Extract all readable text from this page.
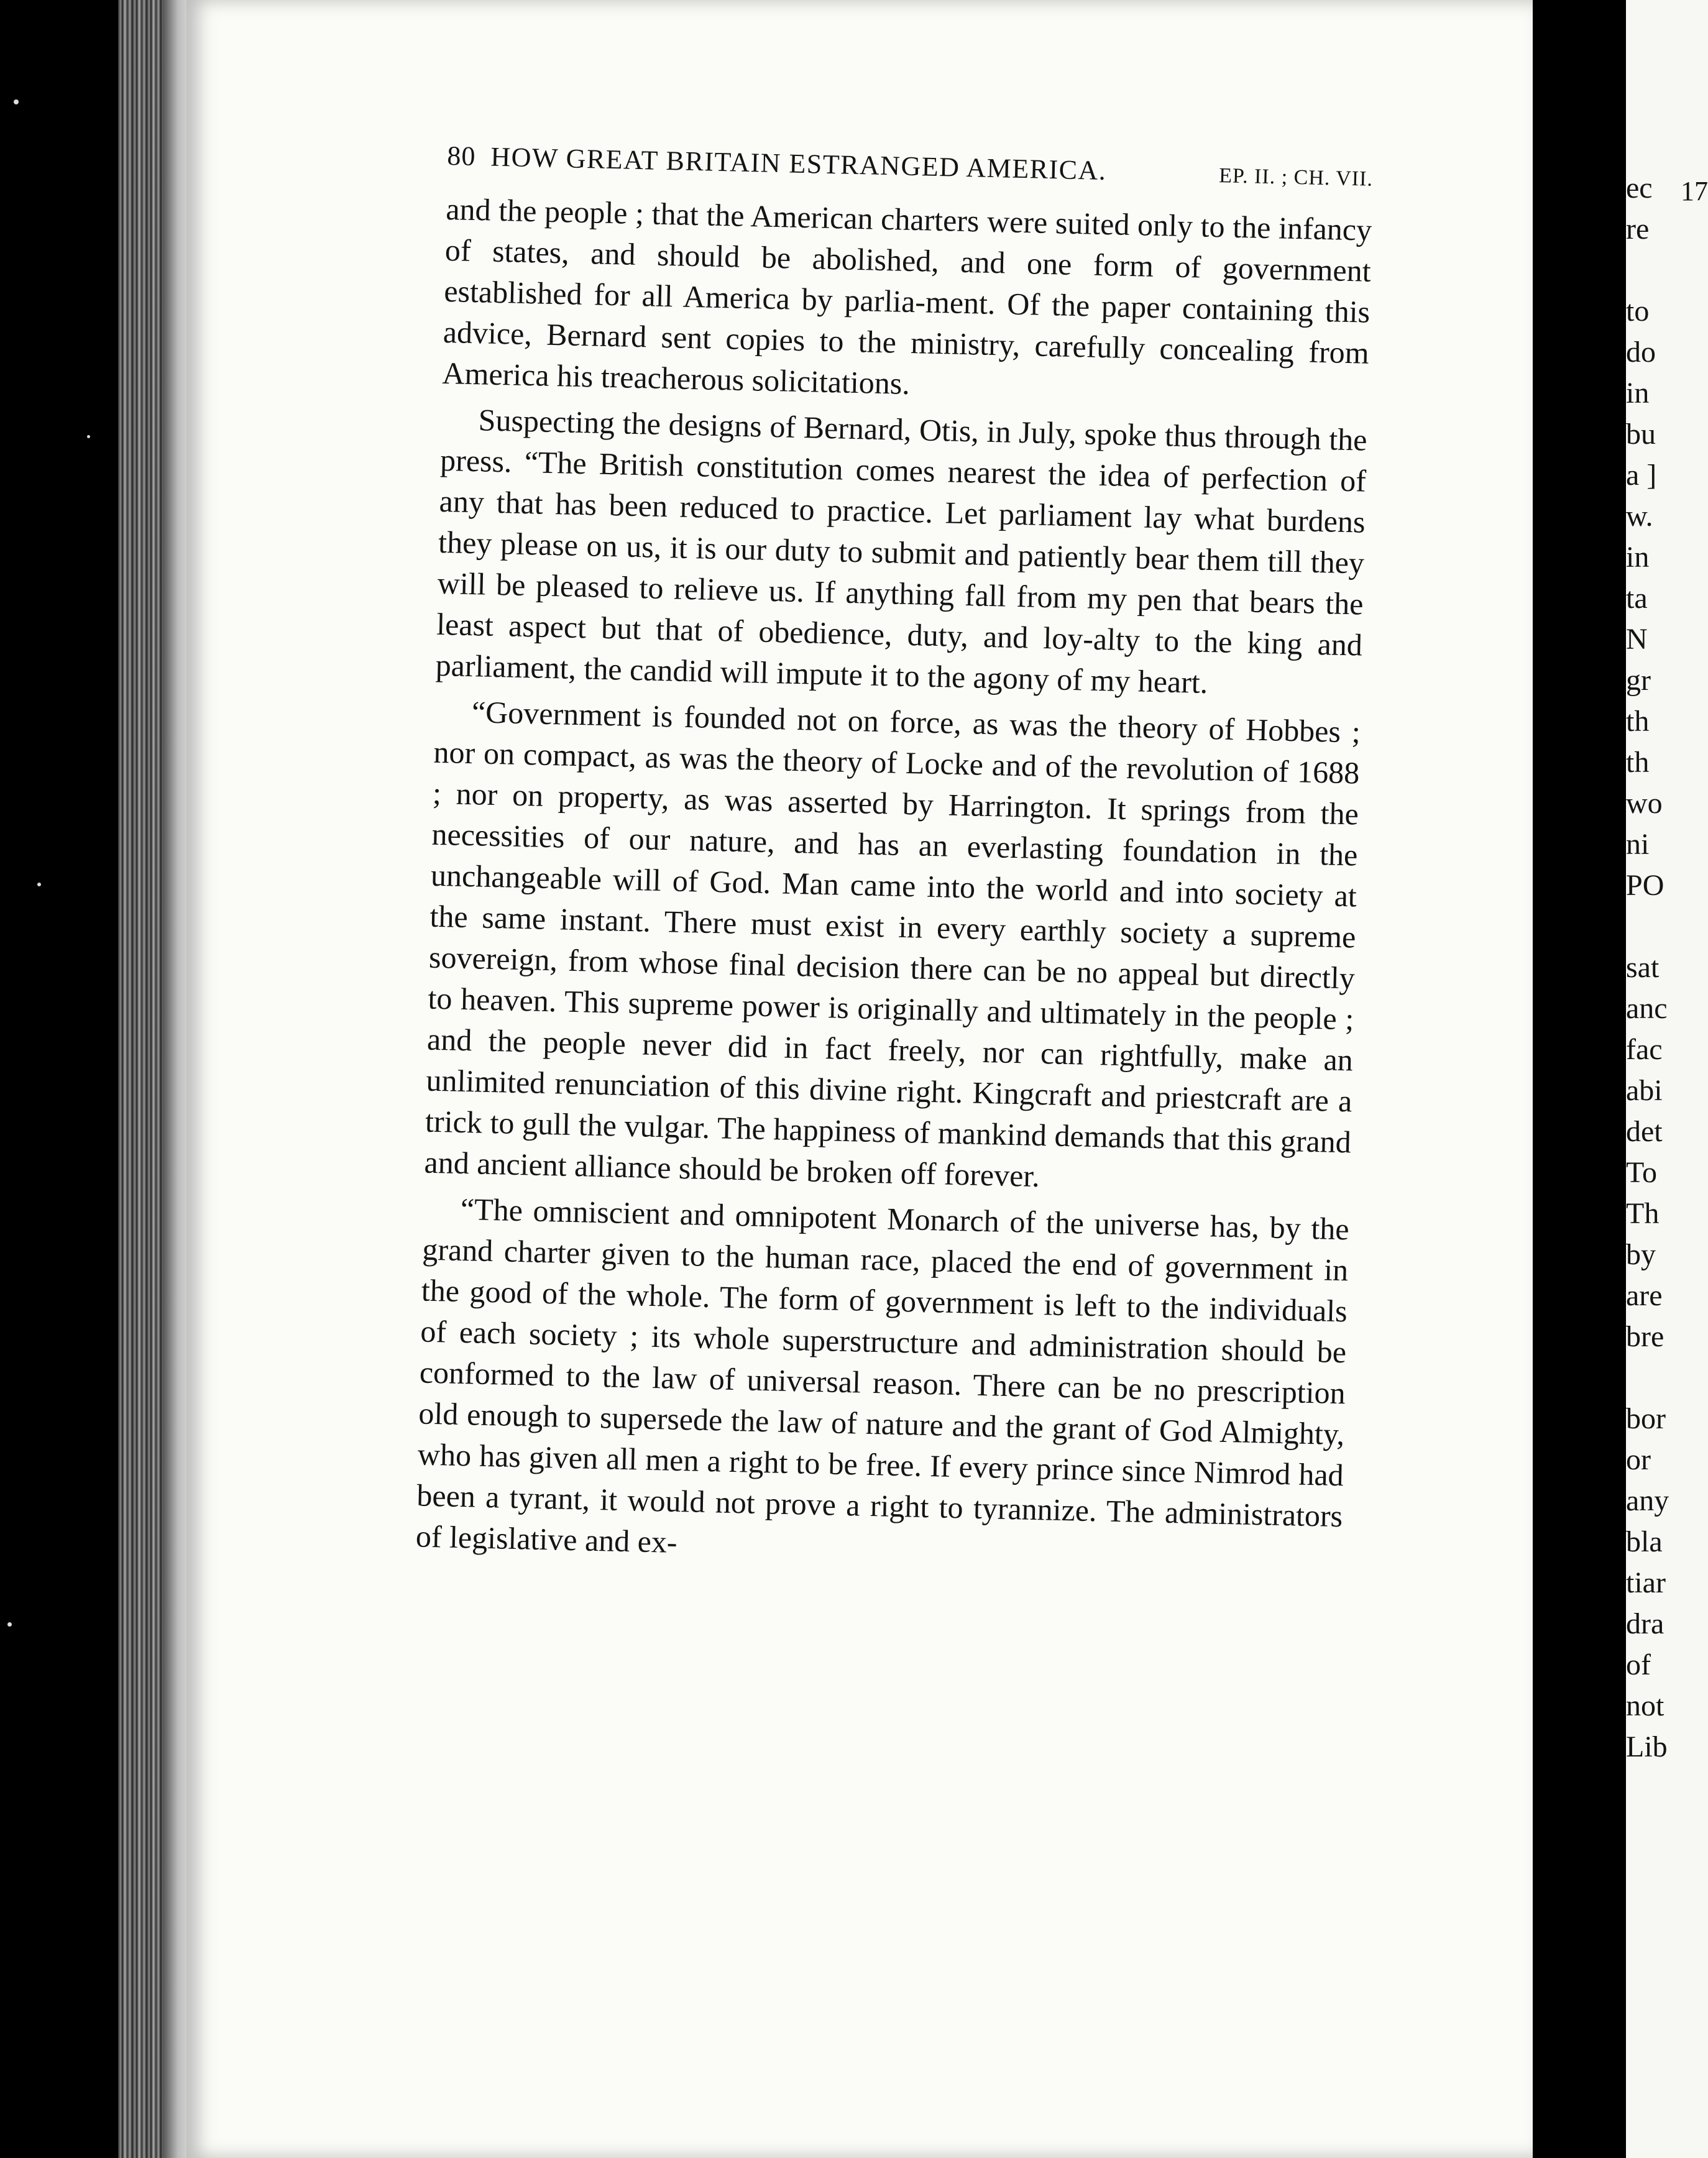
17
ec
re
to
do
in
bu
a ]
w.
in
ta
N
gr
th
th
wo
ni
PO
sat
anc
fac
abi
det
To
Th
by
are
bre
bor
or
any
bla
tiar
dra
of
not
Lib
80 HOW GREAT BRITAIN ESTRANGED AMERICA.	EP. II. ; CH. VII.

and the people ; that the American charters were suited only to the infancy of states, and should be abolished, and one form of government established for all America by parlia-ment. Of the paper containing this advice, Bernard sent copies to the ministry, carefully concealing from America his treacherous solicitations.

Suspecting the designs of Bernard, Otis, in July, spoke thus through the press. “The British constitution comes nearest the idea of perfection of any that has been reduced to practice. Let parliament lay what burdens they please on us, it is our duty to submit and patiently bear them till they will be pleased to relieve us. If anything fall from my pen that bears the least aspect but that of obedience, duty, and loy-alty to the king and parliament, the candid will impute it to the agony of my heart.

“Government is founded not on force, as was the theory of Hobbes ; nor on compact, as was the theory of Locke and of the revolution of 1688 ; nor on property, as was asserted by Harrington. It springs from the necessities of our nature, and has an everlasting foundation in the unchangeable will of God. Man came into the world and into society at the same instant. There must exist in every earthly society a supreme sovereign, from whose final decision there can be no appeal but directly to heaven. This supreme power is originally and ultimately in the people ; and the people never did in fact freely, nor can rightfully, make an unlimited renunciation of this divine right. Kingcraft and priestcraft are a trick to gull the vulgar. The happiness of mankind demands that this grand and ancient alliance should be broken off forever.

“The omniscient and omnipotent Monarch of the universe has, by the grand charter given to the human race, placed the end of government in the good of the whole. The form of government is left to the individuals of each society ; its whole superstructure and administration should be conformed to the law of universal reason. There can be no prescription old enough to supersede the law of nature and the grant of God Almighty, who has given all men a right to be free. If every prince since Nimrod had been a tyrant, it would not prove a right to tyrannize. The administrators of legislative and ex-
